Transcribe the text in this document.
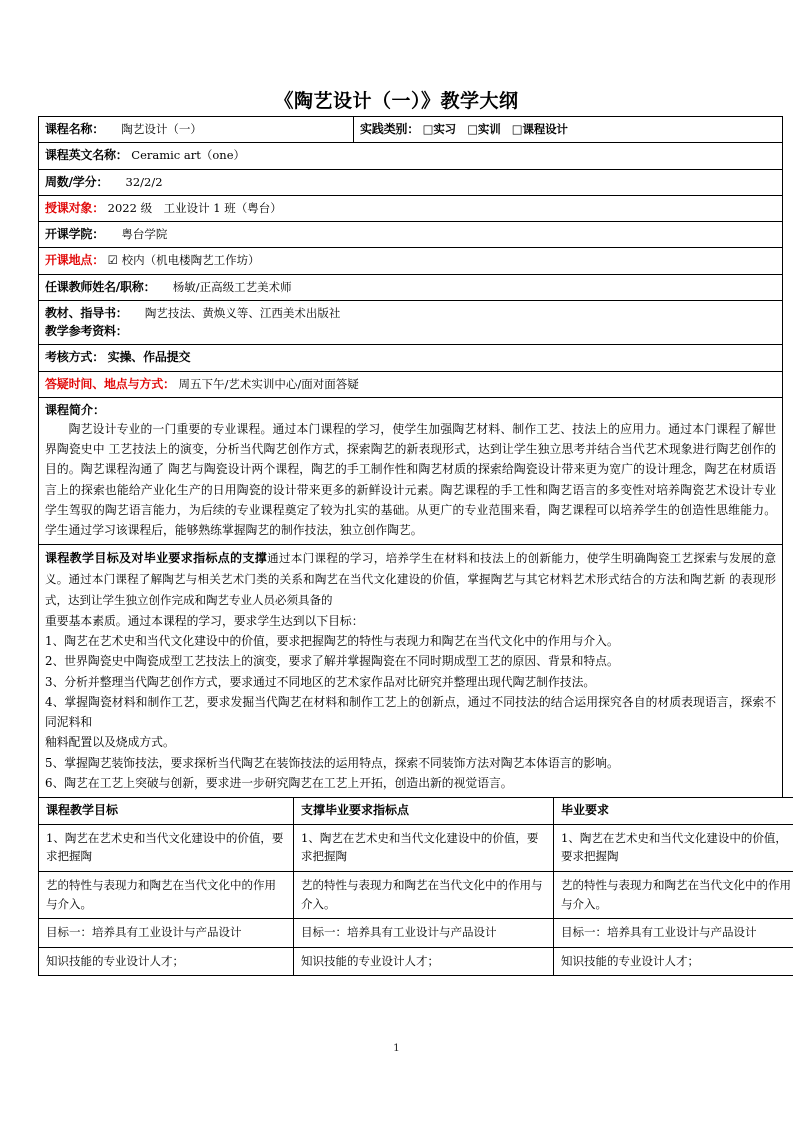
《陶艺设计（一）》教学大纲
课程名称： 陶艺设计（一）	实践类别： □实习　□实训　□课程设计
课程英文名称： Ceramic art（one）
周数/学分： 32/2/2
授课对象： 2022 级　工业设计 1 班（粤台）
开课学院： 粤台学院
开课地点： ☑ 校内（机电楼陶艺工作坊）
任课教师姓名/职称： 杨敏/正高级工艺美术师

教材、指导书： 陶艺技法、黄焕义等、江西美术出版社
教学参考资料：

考核方式： 实操、作品提交
答疑时间、地点与方式： 周五下午/艺术实训中心/面对面答疑

课程简介：

陶艺设计专业的一门重要的专业课程。通过本门课程的学习，使学生加强陶艺材料、制作工艺、技法上的应用力。通过本门课程了解世界陶瓷史中 工艺技法上的演变，分析当代陶艺创作方式，探索陶艺的新表现形式，达到让学生独立思考并结合当代艺术现象进行陶艺创作的目的。陶艺课程沟通了 陶艺与陶瓷设计两个课程，陶艺的手工制作性和陶艺材质的探索给陶瓷设计带来更为宽广的设计理念，陶艺在材质语言上的探索也能给产业化生产的日用陶瓷的设计带来更多的新鲜设计元素。陶艺课程的手工性和陶艺语言的多变性对培养陶瓷艺术设计专业学生驾驭的陶艺语言能力，为后续的专业课程奠定了较为扎实的基础。从更广的专业范围来看，陶艺课程可以培养学生的创造性思维能力。学生通过学习该课程后，能够熟练掌握陶艺的制作技法，独立创作陶艺。

课程教学目标及对毕业要求指标点的支撑通过本门课程的学习，培养学生在材料和技法上的创新能力，使学生明确陶瓷工艺探索与发展的意义。通过本门课程了解陶艺与相关艺术门类的关系和陶艺在当代文化建设的价值，掌握陶艺与其它材料艺术形式结合的方法和陶艺新 的表现形式，达到让学生独立创作完成和陶艺专业人员必须具备的

重要基本素质。通过本课程的学习，要求学生达到以下目标：

1、陶艺在艺术史和当代文化建设中的价值，要求把握陶艺的特性与表现力和陶艺在当代文化中的作用与介入。

2、世界陶瓷史中陶瓷成型工艺技法上的演变，要求了解并掌握陶瓷在不同时期成型工艺的原因、背景和特点。

3、分析并整理当代陶艺创作方式，要求通过不同地区的艺术家作品对比研究并整理出现代陶艺制作技法。

4、掌握陶瓷材料和制作工艺，要求发掘当代陶艺在材料和制作工艺上的创新点，通过不同技法的结合运用探究各自的材质表现语言，探索不同泥料和

釉料配置以及烧成方式。

5、掌握陶艺装饰技法，要求探析当代陶艺在装饰技法的运用特点，探索不同装饰方法对陶艺本体语言的影响。

6、陶艺在工艺上突破与创新，要求进一步研究陶艺在工艺上开拓，创造出新的视觉语言。

课程教学目标	支撑毕业要求指标点	毕业要求
1、陶艺在艺术史和当代文化建设中的价值，要求把握陶	1、陶艺在艺术史和当代文化建设中的价值，要求把握陶	1、陶艺在艺术史和当代文化建设中的价值，要求把握陶
艺的特性与表现力和陶艺在当代文化中的作用与介入。	艺的特性与表现力和陶艺在当代文化中的作用与介入。	艺的特性与表现力和陶艺在当代文化中的作用与介入。
目标一：培养具有工业设计与产品设计	目标一：培养具有工业设计与产品设计	目标一：培养具有工业设计与产品设计
知识技能的专业设计人才；	知识技能的专业设计人才；	知识技能的专业设计人才；
1
